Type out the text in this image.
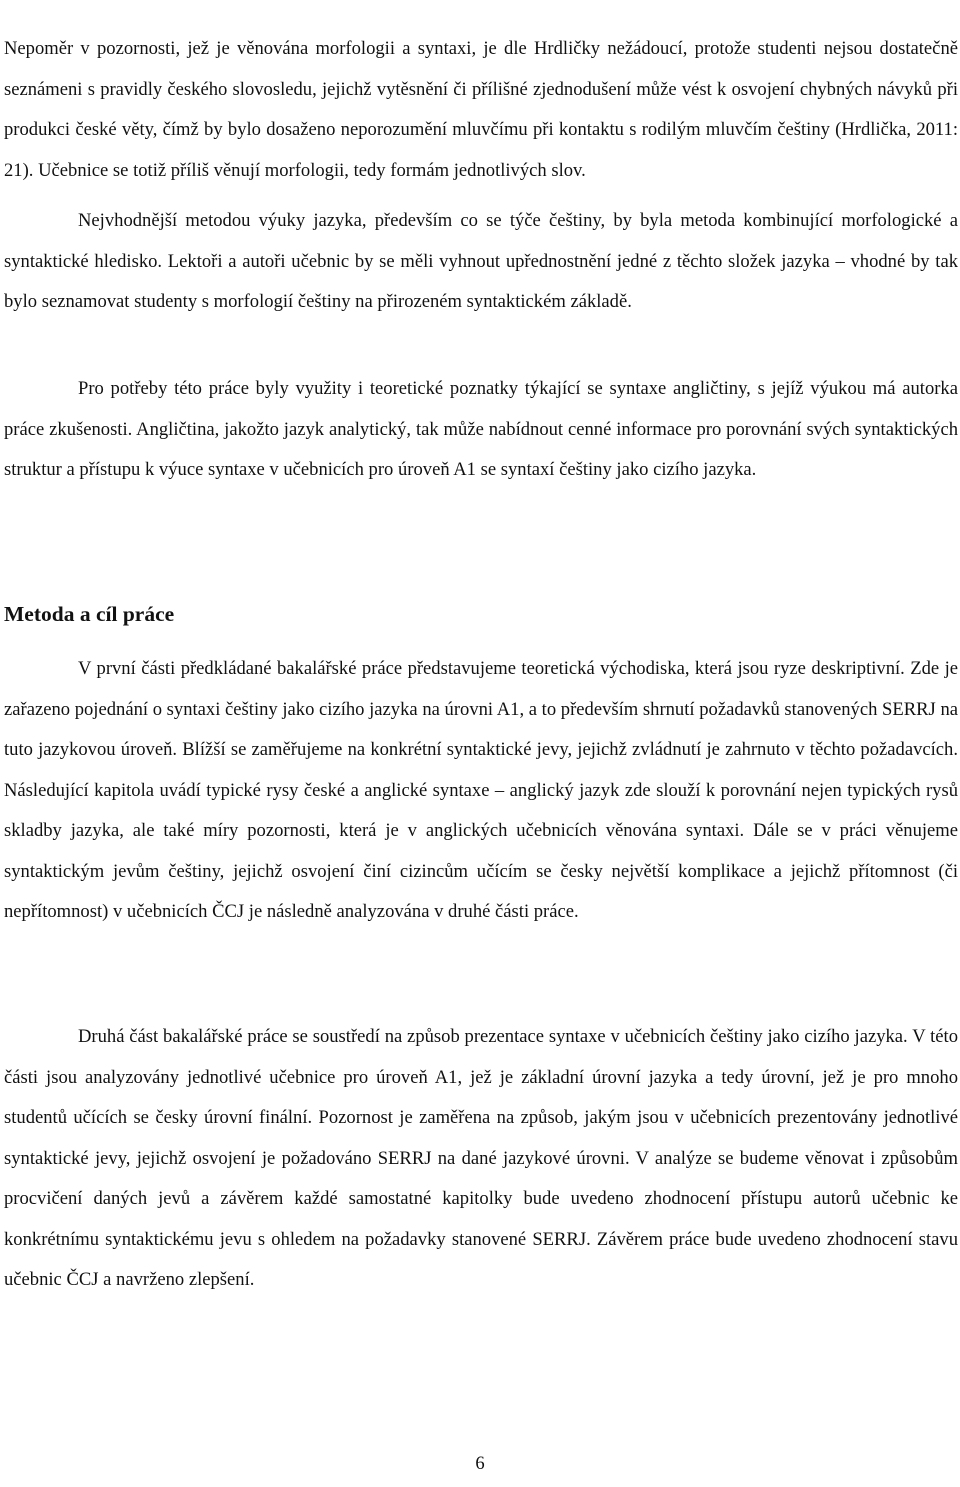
Nepoměr v pozornosti, jež je věnována morfologii a syntaxi, je dle Hrdličky nežádoucí, protože studenti nejsou dostatečně seznámeni s pravidly českého slovosledu, jejichž vytěsnění či přílišné zjednodušení může vést k osvojení chybných návyků při produkci české věty, čímž by bylo dosaženo neporozumění mluvčímu při kontaktu s rodilým mluvčím češtiny (Hrdlička, 2011: 21). Učebnice se totiž příliš věnují morfologii, tedy formám jednotlivých slov.

Nejvhodnější metodou výuky jazyka, především co se týče češtiny, by byla metoda kombinující morfologické a syntaktické hledisko. Lektoři a autoři učebnic by se měli vyhnout upřednostnění jedné z těchto složek jazyka – vhodné by tak bylo seznamovat studenty s morfologií češtiny na přirozeném syntaktickém základě.

Pro potřeby této práce byly využity i teoretické poznatky týkající se syntaxe angličtiny, s jejíž výukou má autorka práce zkušenosti. Angličtina, jakožto jazyk analytický, tak může nabídnout cenné informace pro porovnání svých syntaktických struktur a přístupu k výuce syntaxe v učebnicích pro úroveň A1 se syntaxí češtiny jako cizího jazyka.

Metoda a cíl práce

V první části předkládané bakalářské práce představujeme teoretická východiska, která jsou ryze deskriptivní. Zde je zařazeno pojednání o syntaxi češtiny jako cizího jazyka na úrovni A1, a to především shrnutí požadavků stanovených SERRJ na tuto jazykovou úroveň. Blížší se zaměřujeme na konkrétní syntaktické jevy, jejichž zvládnutí je zahrnuto v těchto požadavcích. Následující kapitola uvádí typické rysy české a anglické syntaxe – anglický jazyk zde slouží k porovnání nejen typických rysů skladby jazyka, ale také míry pozornosti, která je v anglických učebnicích věnována syntaxi. Dále se v práci věnujeme syntaktickým jevům češtiny, jejichž osvojení činí cizincům učícím se česky největší komplikace a jejichž přítomnost (či nepřítomnost) v učebnicích ČCJ je následně analyzována v druhé části práce.

Druhá část bakalářské práce se soustředí na způsob prezentace syntaxe v učebnicích češtiny jako cizího jazyka. V této části jsou analyzovány jednotlivé učebnice pro úroveň A1, jež je základní úrovní jazyka a tedy úrovní, jež je pro mnoho studentů učících se česky úrovní finální. Pozornost je zaměřena na způsob, jakým jsou v učebnicích prezentovány jednotlivé syntaktické jevy, jejichž osvojení je požadováno SERRJ na dané jazykové úrovni. V analýze se budeme věnovat i způsobům procvičení daných jevů a závěrem každé samostatné kapitolky bude uvedeno zhodnocení přístupu autorů učebnic ke konkrétnímu syntaktickému jevu s ohledem na požadavky stanovené SERRJ. Závěrem práce bude uvedeno zhodnocení stavu učebnic ČCJ a navrženo zlepšení.

6
